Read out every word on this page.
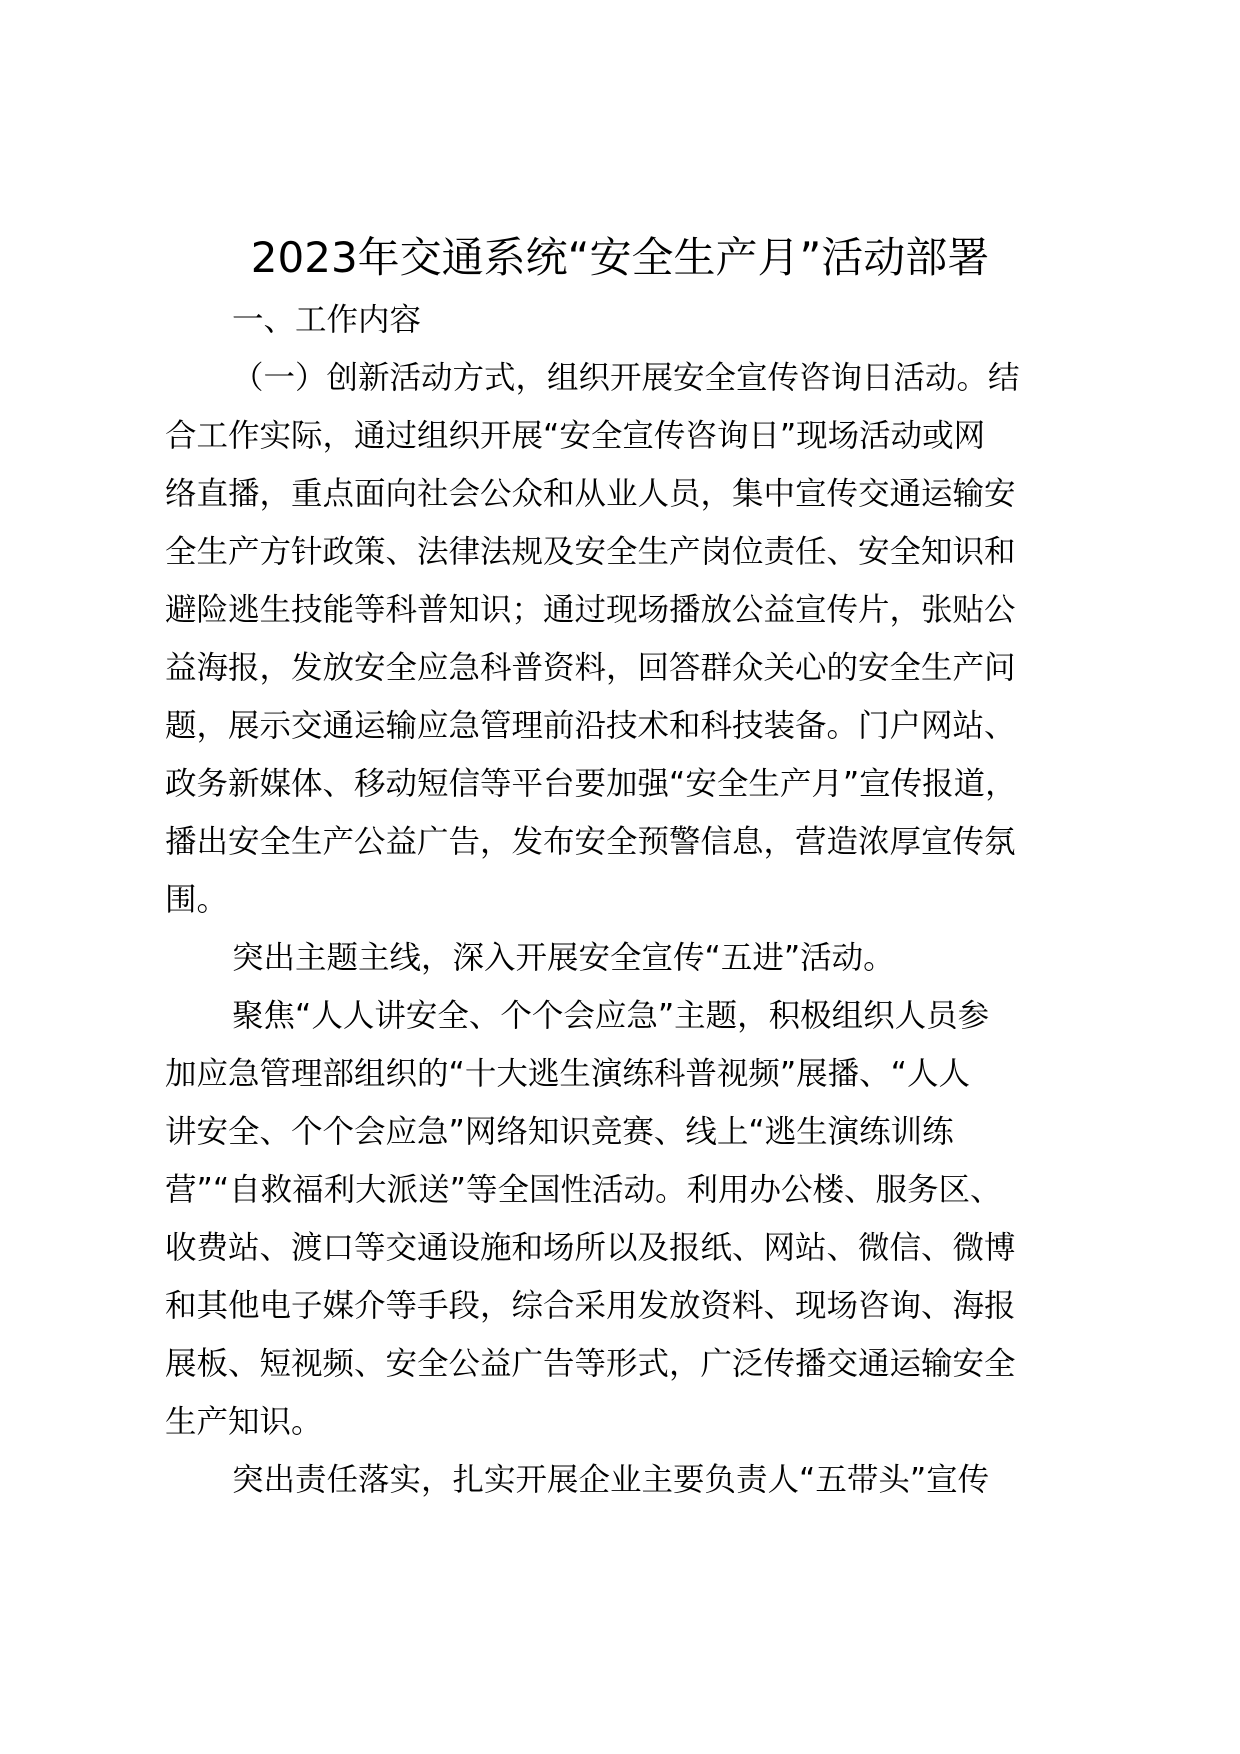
2023年交通系统“安全生产月”活动部署

一、工作内容

（一）创新活动方式，组织开展安全宣传咨询日活动。结

合工作实际，通过组织开展“安全宣传咨询日”现场活动或网

络直播，重点面向社会公众和从业人员，集中宣传交通运输安

全生产方针政策、法律法规及安全生产岗位责任、安全知识和

避险逃生技能等科普知识；通过现场播放公益宣传片，张贴公

益海报，发放安全应急科普资料，回答群众关心的安全生产问

题，展示交通运输应急管理前沿技术和科技装备。门户网站、

政务新媒体、移动短信等平台要加强“安全生产月”宣传报道，

播出安全生产公益广告，发布安全预警信息，营造浓厚宣传氛

围。

突出主题主线，深入开展安全宣传“五进”活动。

聚焦“人人讲安全、个个会应急”主题，积极组织人员参

加应急管理部组织的“十大逃生演练科普视频”展播、“人人

讲安全、个个会应急”网络知识竞赛、线上“逃生演练训练

营”“自救福利大派送”等全国性活动。利用办公楼、服务区、

收费站、渡口等交通设施和场所以及报纸、网站、微信、微博

和其他电子媒介等手段，综合采用发放资料、现场咨询、海报

展板、短视频、安全公益广告等形式，广泛传播交通运输安全

生产知识。

突出责任落实，扎实开展企业主要负责人“五带头”宣传
